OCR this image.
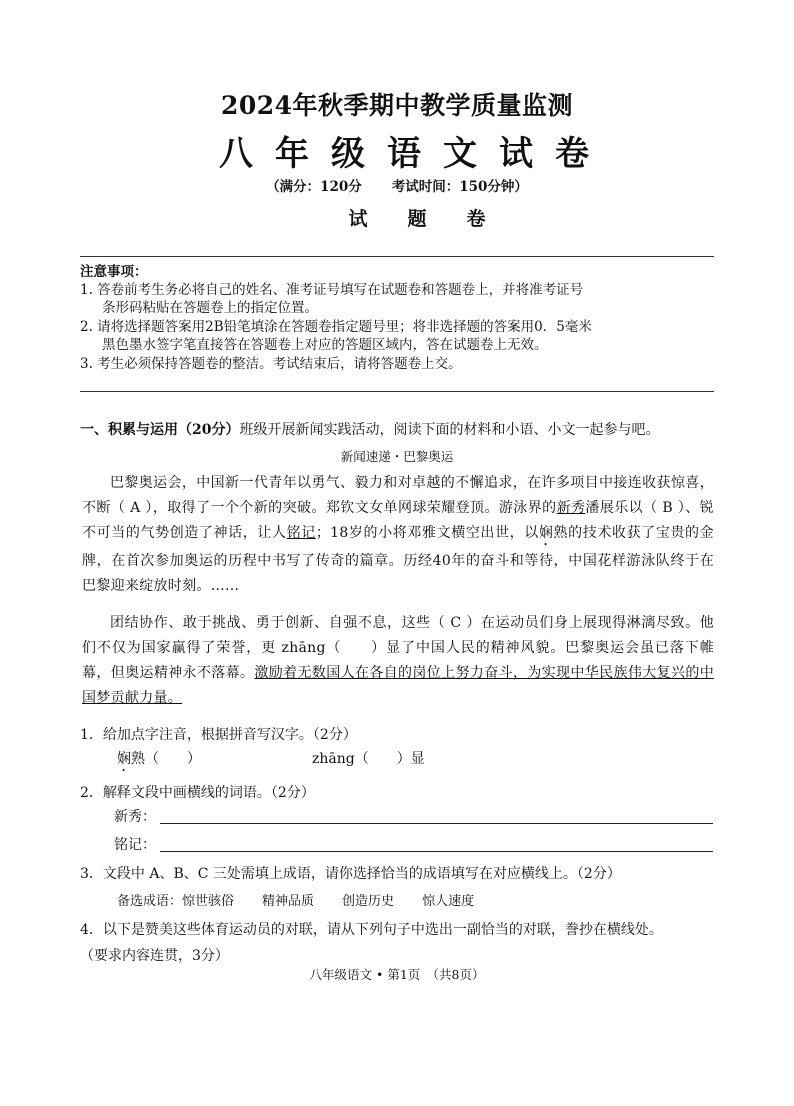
2024年秋季期中教学质量监测
八年级语文试卷
（满分：120分 考试时间：150分钟）
试题卷
注意事项：
1. 答卷前考生务必将自己的姓名、准考证号填写在试题卷和答题卷上，并将准考证号
条形码粘贴在答题卷上的指定位置。
2. 请将选择题答案用2B铅笔填涂在答题卷指定题号里；将非选择题的答案用0．5毫米
黑色墨水签字笔直接答在答题卷上对应的答题区域内，答在试题卷上无效。
3. 考生必须保持答题卷的整洁。考试结束后，请将答题卷上交。
一、积累与运用（20分）班级开展新闻实践活动，阅读下面的材料和小语、小文一起参与吧。
新闻速递・巴黎奥运

巴黎奥运会，中国新一代青年以勇气、毅力和对卓越的不懈追求，在许多项目中接连收获惊喜，不断（ A ），取得了一个个新的突破。郑钦文女单网球荣耀登顶。游泳界的新秀潘展乐以（ B ）、锐不可当的气势创造了神话，让人铭记；18岁的小将邓雅文横空出世，以娴熟的技术收获了宝贵的金牌，在首次参加奥运的历程中书写了传奇的篇章。历经40年的奋斗和等待，中国花样游泳队终于在巴黎迎来绽放时刻。……

团结协作、敢于挑战、勇于创新、自强不息，这些（ C ）在运动员们身上展现得淋漓尽致。他们不仅为国家赢得了荣誉，更 zhāng（　　）显了中国人民的精神风貌。巴黎奥运会虽已落下帷幕，但奥运精神永不落幕。激励着无数国人在各自的岗位上努力奋斗，为实现中华民族伟大复兴的中国梦贡献力量。

1．给加点字注音，根据拼音写汉字。（2分）
娴熟（　　）	zhāng（　　）显
2．解释文段中画横线的词语。（2分）
新秀：
铭记：
3．文段中 A、B、C 三处需填上成语，请你选择恰当的成语填写在对应横线上。（2分）
备选成语：惊世骇俗 精神品质 创造历史 惊人速度
4．以下是赞美这些体育运动员的对联，请从下列句子中选出一副恰当的对联，誊抄在横线处。
（要求内容连贯，3分）
八年级语文 • 第1页　（共8页）
